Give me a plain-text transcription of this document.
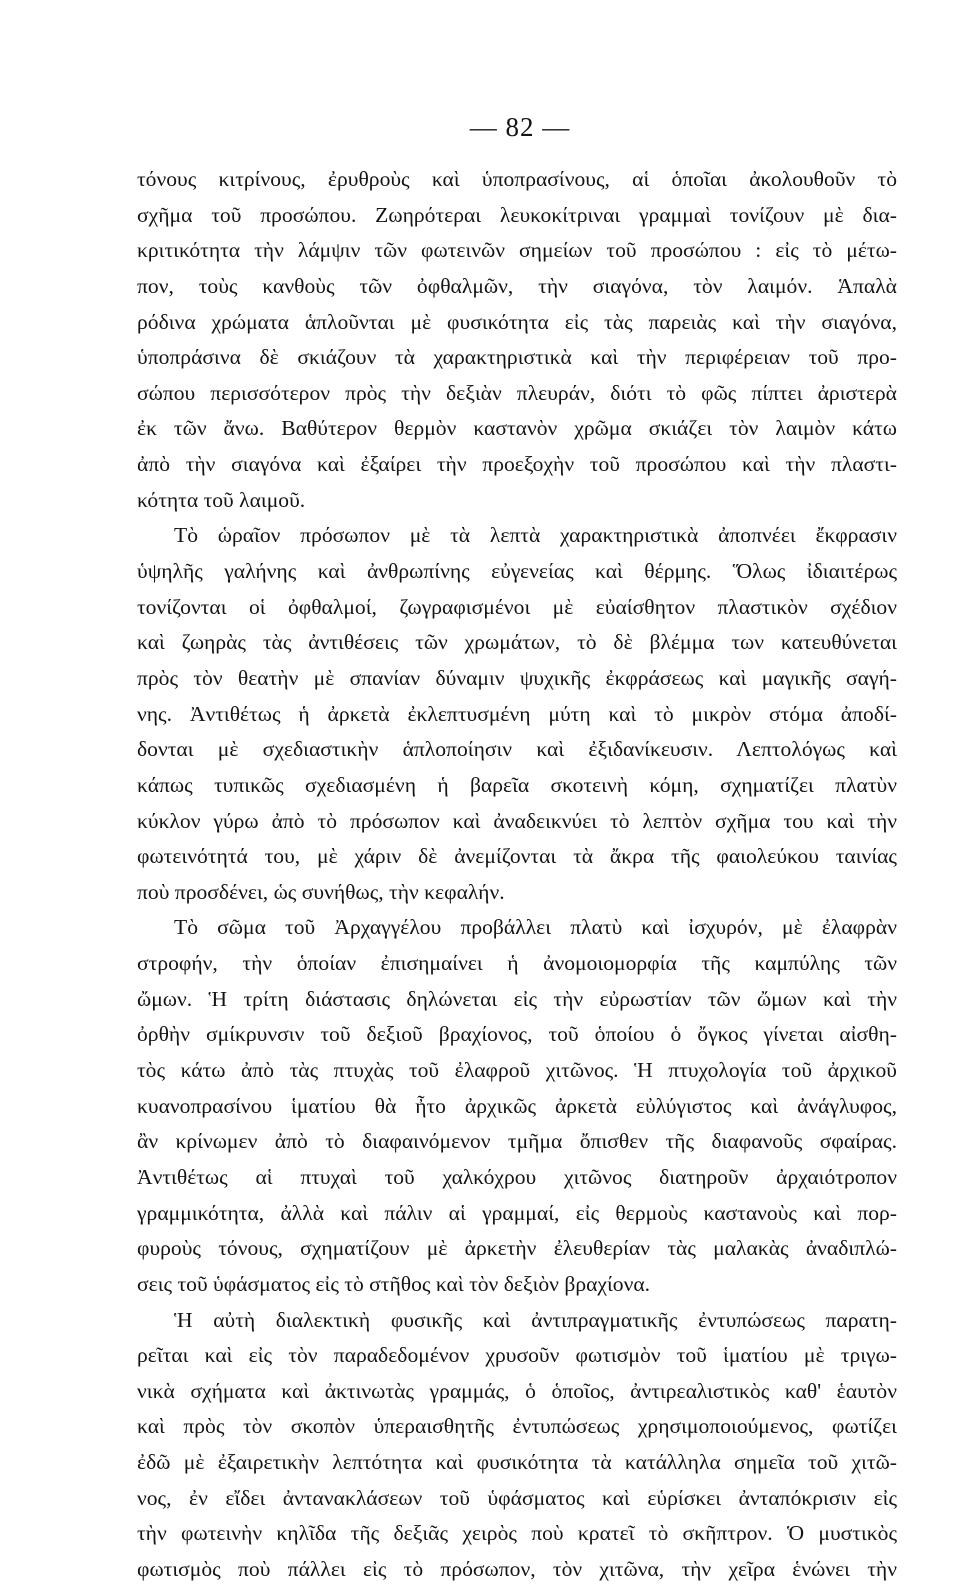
— 82 —
τόνους κιτρίνους, ἐρυθροὺς καὶ ὑποπρασίνους, αἱ ὁποῖαι ἀκολουθοῦν τὸ
σχῆμα τοῦ προσώπου. Ζωηρότεραι λευκοκίτριναι γραμμαὶ τονίζουν μὲ δια-
κριτικότητα τὴν λάμψιν τῶν φωτεινῶν σημείων τοῦ προσώπου : εἰς τὸ μέτω-
πον, τοὺς κανθοὺς τῶν ὀφθαλμῶν, τὴν σιαγόνα, τὸν λαιμόν. Ἁπαλὰ
ρόδινα χρώματα ἁπλοῦνται μὲ φυσικότητα εἰς τὰς παρειὰς καὶ τὴν σιαγόνα,
ὑποπράσινα δὲ σκιάζουν τὰ χαρακτηριστικὰ καὶ τὴν περιφέρειαν τοῦ προ-
σώπου περισσότερον πρὸς τὴν δεξιὰν πλευράν, διότι τὸ φῶς πίπτει ἀριστερὰ
ἐκ τῶν ἄνω. Βαθύτερον θερμὸν καστανὸν χρῶμα σκιάζει τὸν λαιμὸν κάτω
ἀπὸ τὴν σιαγόνα καὶ ἐξαίρει τὴν προεξοχὴν τοῦ προσώπου καὶ τὴν πλαστι-
κότητα τοῦ λαιμοῦ.
Τὸ ὡραῖον πρόσωπον μὲ τὰ λεπτὰ χαρακτηριστικὰ ἀποπνέει ἔκφρασιν
ὑψηλῆς γαλήνης καὶ ἀνθρωπίνης εὐγενείας καὶ θέρμης. Ὅλως ἰδιαιτέρως
τονίζονται οἱ ὀφθαλμοί, ζωγραφισμένοι μὲ εὐαίσθητον πλαστικὸν σχέδιον
καὶ ζωηρὰς τὰς ἀντιθέσεις τῶν χρωμάτων, τὸ δὲ βλέμμα των κατευθύνεται
πρὸς τὸν θεατὴν μὲ σπανίαν δύναμιν ψυχικῆς ἐκφράσεως καὶ μαγικῆς σαγή-
νης. Ἀντιθέτως ἡ ἀρκετὰ ἐκλεπτυσμένη μύτη καὶ τὸ μικρὸν στόμα ἀποδί-
δονται μὲ σχεδιαστικὴν ἁπλοποίησιν καὶ ἐξιδανίκευσιν. Λεπτολόγως καὶ
κάπως τυπικῶς σχεδιασμένη ἡ βαρεῖα σκοτεινὴ κόμη, σχηματίζει πλατὺν
κύκλον γύρω ἀπὸ τὸ πρόσωπον καὶ ἀναδεικνύει τὸ λεπτὸν σχῆμα του καὶ τὴν
φωτεινότητά του, μὲ χάριν δὲ ἀνεμίζονται τὰ ἄκρα τῆς φαιολεύκου ταινίας
ποὺ προσδένει, ὡς συνήθως, τὴν κεφαλήν.
Τὸ σῶμα τοῦ Ἀρχαγγέλου προβάλλει πλατὺ καὶ ἰσχυρόν, μὲ ἐλαφρὰν
στροφήν, τὴν ὁποίαν ἐπισημαίνει ἡ ἀνομοιομορφία τῆς καμπύλης τῶν
ὤμων. Ἡ τρίτη διάστασις δηλώνεται εἰς τὴν εὐρωστίαν τῶν ὤμων καὶ τὴν
ὀρθὴν σμίκρυνσιν τοῦ δεξιοῦ βραχίονος, τοῦ ὁποίου ὁ ὄγκος γίνεται αἰσθη-
τὸς κάτω ἀπὸ τὰς πτυχὰς τοῦ ἐλαφροῦ χιτῶνος. Ἡ πτυχολογία τοῦ ἀρχικοῦ
κυανοπρασίνου ἱματίου θὰ ἦτο ἀρχικῶς ἀρκετὰ εὐλύγιστος καὶ ἀνάγλυφος,
ἂν κρίνωμεν ἀπὸ τὸ διαφαινόμενον τμῆμα ὄπισθεν τῆς διαφανοῦς σφαίρας.
Ἀντιθέτως αἱ πτυχαὶ τοῦ χαλκόχρου χιτῶνος διατηροῦν ἀρχαιότροπον
γραμμικότητα, ἀλλὰ καὶ πάλιν αἱ γραμμαί, εἰς θερμοὺς καστανοὺς καὶ πορ-
φυροὺς τόνους, σχηματίζουν μὲ ἀρκετὴν ἐλευθερίαν τὰς μαλακὰς ἀναδιπλώ-
σεις τοῦ ὑφάσματος εἰς τὸ στῆθος καὶ τὸν δεξιὸν βραχίονα.
Ἡ αὐτὴ διαλεκτικὴ φυσικῆς καὶ ἀντιπραγματικῆς ἐντυπώσεως παρατη-
ρεῖται καὶ εἰς τὸν παραδεδομένον χρυσοῦν φωτισμὸν τοῦ ἱματίου μὲ τριγω-
νικὰ σχήματα καὶ ἀκτινωτὰς γραμμάς, ὁ ὁποῖος, ἀντιρεαλιστικὸς καθ' ἑαυτὸν
καὶ πρὸς τὸν σκοπὸν ὑπεραισθητῆς ἐντυπώσεως χρησιμοποιούμενος, φωτίζει
ἐδῶ μὲ ἐξαιρετικὴν λεπτότητα καὶ φυσικότητα τὰ κατάλληλα σημεῖα τοῦ χιτῶ-
νος, ἐν εἴδει ἀντανακλάσεων τοῦ ὑφάσματος καὶ εὑρίσκει ἀνταπόκρισιν εἰς
τὴν φωτεινὴν κηλῖδα τῆς δεξιᾶς χειρὸς ποὺ κρατεῖ τὸ σκῆπτρον. Ὁ μυστικὸς
φωτισμὸς ποὺ πάλλει εἰς τὸ πρόσωπον, τὸν χιτῶνα, τὴν χεῖρα ἑνώνει τὴν
